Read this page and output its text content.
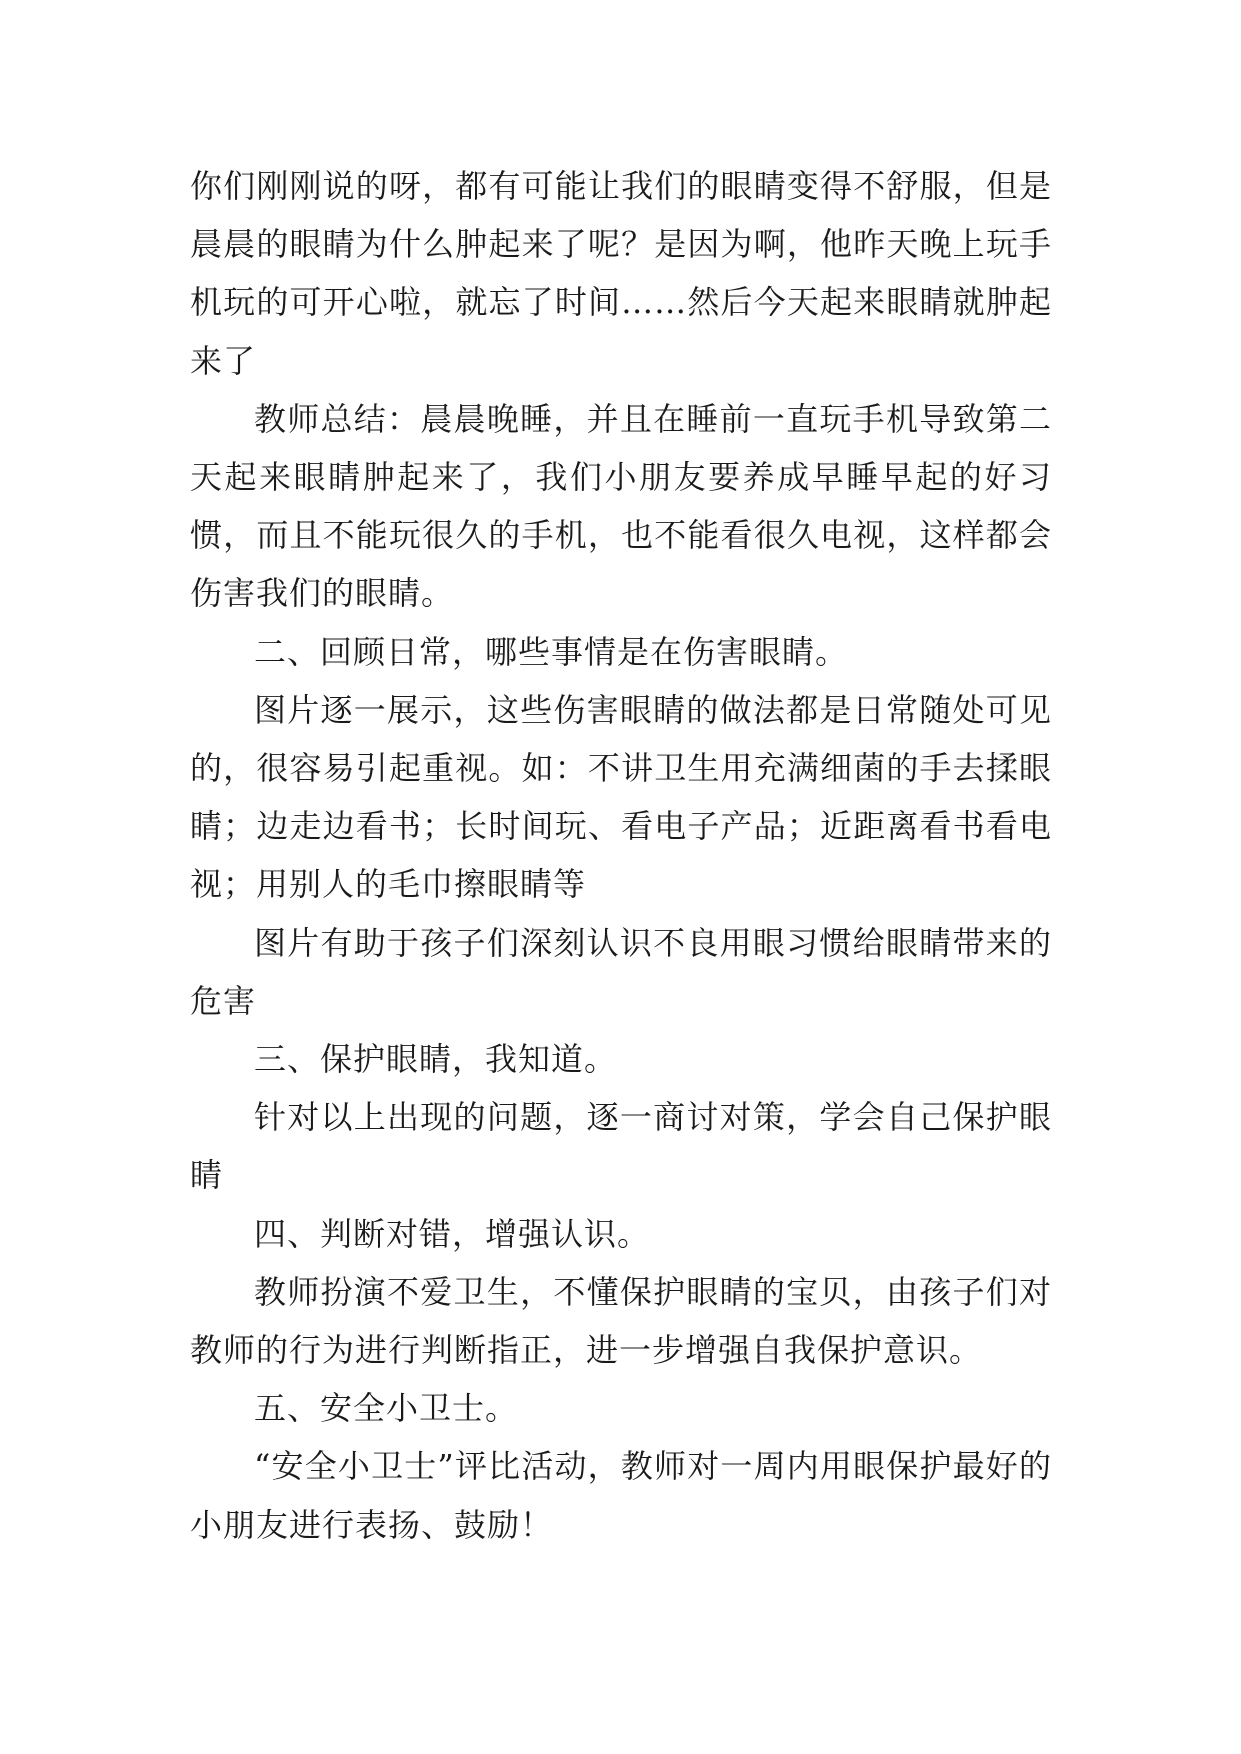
你们刚刚说的呀，都有可能让我们的眼睛变得不舒服，但是晨晨的眼睛为什么肿起来了呢？是因为啊，他昨天晚上玩手机玩的可开心啦，就忘了时间……然后今天起来眼睛就肿起来了

教师总结：晨晨晚睡，并且在睡前一直玩手机导致第二天起来眼睛肿起来了，我们小朋友要养成早睡早起的好习惯，而且不能玩很久的手机，也不能看很久电视，这样都会伤害我们的眼睛。

二、回顾日常，哪些事情是在伤害眼睛。

图片逐一展示，这些伤害眼睛的做法都是日常随处可见的，很容易引起重视。如：不讲卫生用充满细菌的手去揉眼睛；边走边看书；长时间玩、看电子产品；近距离看书看电视；用别人的毛巾擦眼睛等

图片有助于孩子们深刻认识不良用眼习惯给眼睛带来的危害

三、保护眼睛，我知道。

针对以上出现的问题，逐一商讨对策，学会自己保护眼睛

四、判断对错，增强认识。

教师扮演不爱卫生，不懂保护眼睛的宝贝，由孩子们对教师的行为进行判断指正，进一步增强自我保护意识。

五、安全小卫士。

“安全小卫士”评比活动，教师对一周内用眼保护最好的小朋友进行表扬、鼓励！
